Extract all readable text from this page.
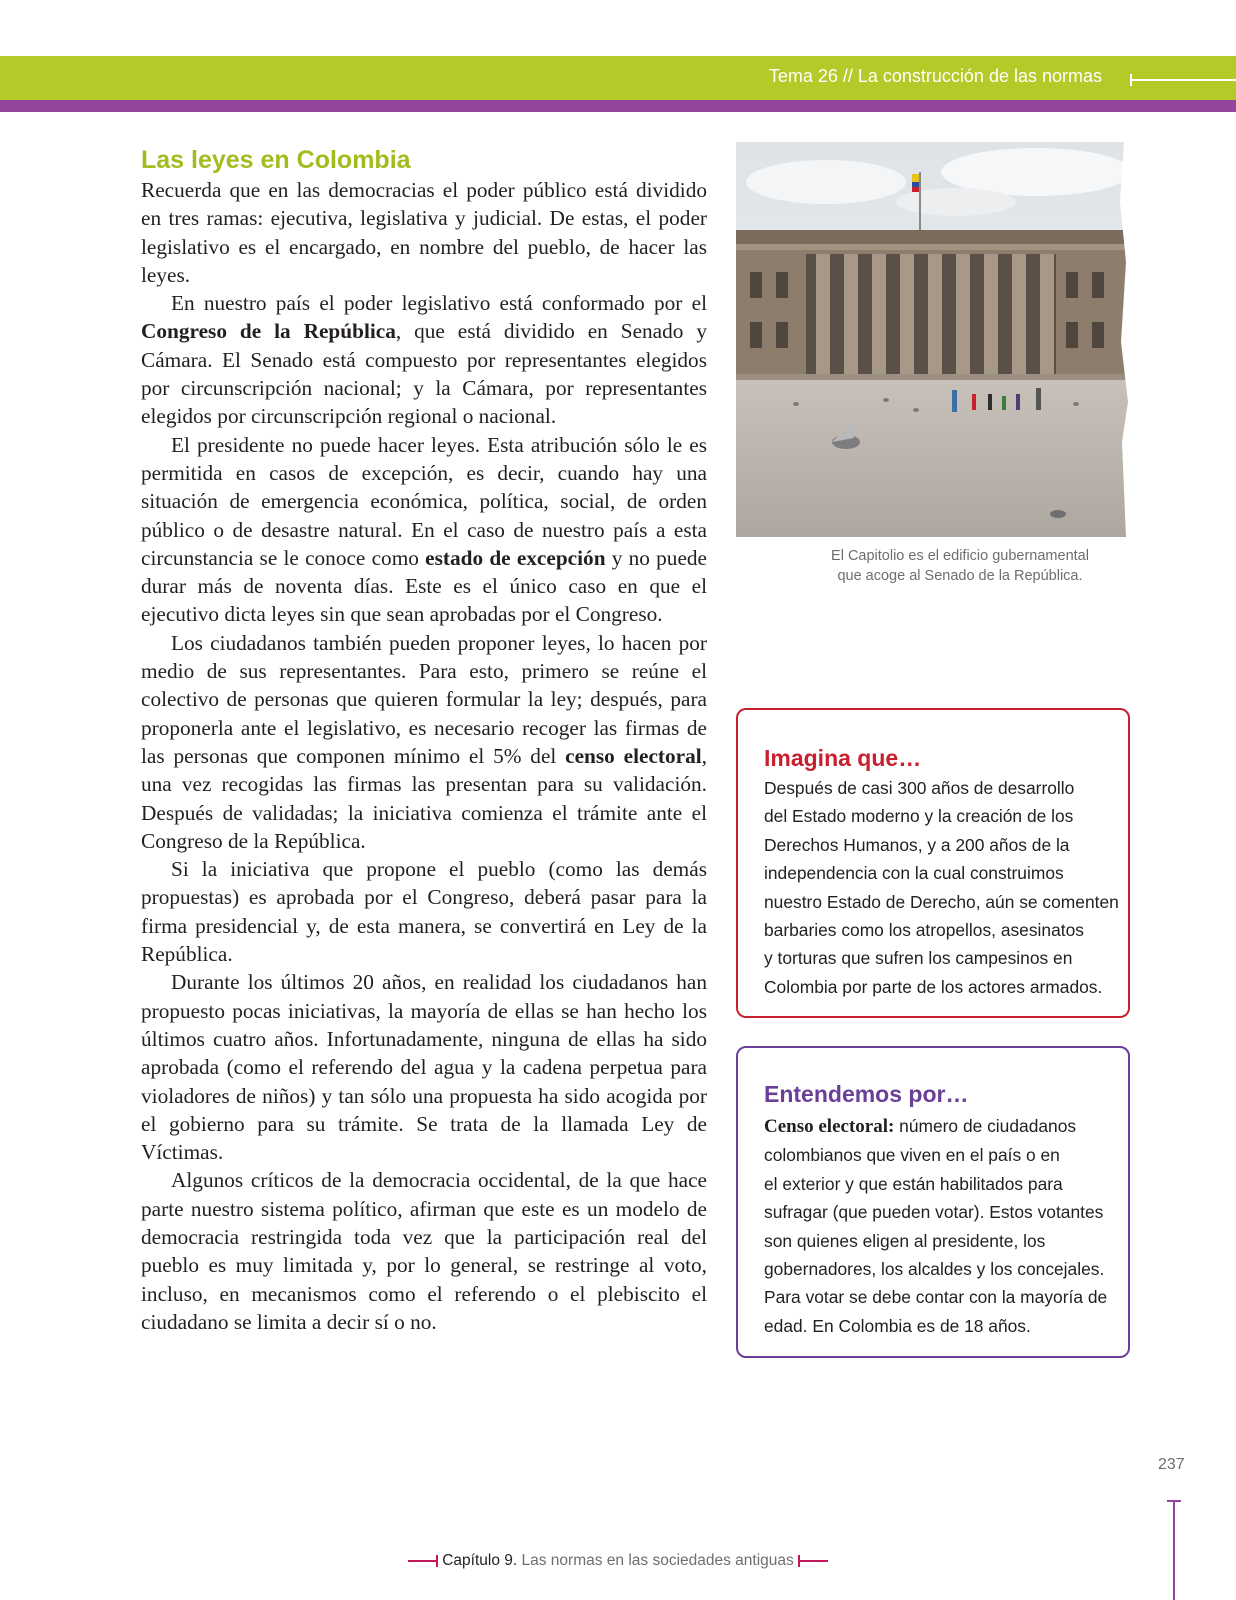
Tema 26 // La construcción de las normas
Las leyes en Colombia

Recuerda que en las democracias el poder público está dividido en tres ramas: ejecutiva, legislativa y judicial. De estas, el poder legislativo es el encargado, en nombre del pueblo, de hacer las leyes.

En nuestro país el poder legislativo está conformado por el Congreso de la República, que está dividido en Senado y Cámara. El Senado está compuesto por representantes elegidos por circunscripción nacional; y la Cámara, por representantes elegidos por circunscripción regional o nacional.

El presidente no puede hacer leyes. Esta atribución sólo le es permitida en casos de excepción, es decir, cuando hay una situación de emergencia económica, política, social, de orden público o de desastre natural. En el caso de nuestro país a esta circunstancia se le conoce como estado de excepción y no puede durar más de noventa días. Este es el único caso en que el ejecutivo dicta leyes sin que sean aprobadas por el Congreso.

Los ciudadanos también pueden proponer leyes, lo hacen por medio de sus representantes. Para esto, primero se reúne el colectivo de personas que quieren formular la ley; después, para proponerla ante el legislativo, es necesario recoger las firmas de las personas que componen mínimo el 5% del censo electoral, una vez recogidas las firmas las presentan para su validación. Después de validadas; la iniciativa comienza el trámite ante el Congreso de la República.

Si la iniciativa que propone el pueblo (como las demás propuestas) es aprobada por el Congreso, deberá pasar para la firma presidencial y, de esta manera, se convertirá en Ley de la República.

Durante los últimos 20 años, en realidad los ciudadanos han propuesto pocas iniciativas, la mayoría de ellas se han hecho los últimos cuatro años. Infortunadamente, ninguna de ellas ha sido aprobada (como el referendo del agua y la cadena perpetua para violadores de niños) y tan sólo una propuesta ha sido acogida por el gobierno para su trámite. Se trata de la llamada Ley de Víctimas.

Algunos críticos de la democracia occidental, de la que hace parte nuestro sistema político, afirman que este es un modelo de democracia restringida toda vez que la participación real del pueblo es muy limitada y, por lo general, se restringe al voto, incluso, en mecanismos como el referendo o el plebiscito el ciudadano se limita a decir sí o no.

El Capitolio es el edificio gubernamental
que acoge al Senado de la República.
Imagina que…
Después de casi 300 años de desarrollo
del Estado moderno y la creación de los
Derechos Humanos, y a 200 años de la
independencia con la cual construimos
nuestro Estado de Derecho, aún se comenten
barbaries como los atropellos, asesinatos
y torturas que sufren los campesinos en
Colombia por parte de los actores armados.
Entendemos por…
Censo electoral: número de ciudadanos
colombianos que viven en el país o en
el exterior y que están habilitados para
sufragar (que pueden votar). Estos votantes
son quienes eligen al presidente, los
gobernadores, los alcaldes y los concejales.
Para votar se debe contar con la mayoría de
edad. En Colombia es de 18 años.
237
Capítulo 9. Las normas en las sociedades antiguas
